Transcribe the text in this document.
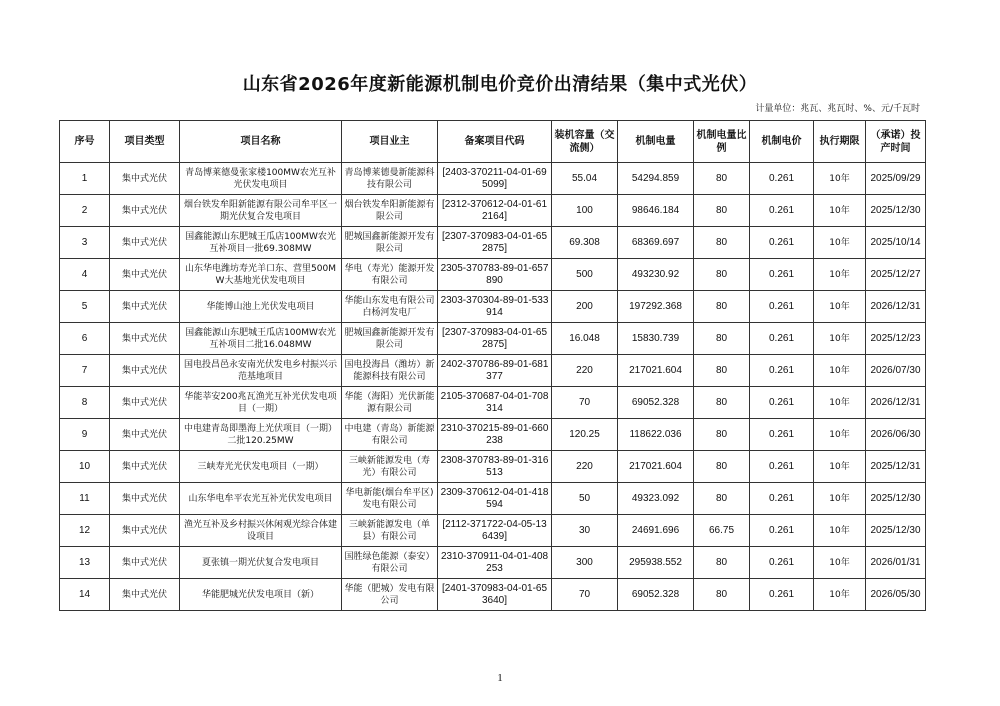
山东省2026年度新能源机制电价竞价出清结果（集中式光伏）
计量单位：兆瓦、兆瓦时、%、元/千瓦时
序号	项目类型	项目名称	项目业主	备案项目代码	装机容量（交流侧）	机制电量	机制电量比例	机制电价	执行期限	（承诺）投产时间
1	集中式光伏	青岛博莱德曼张家楼100MW农光互补光伏发电项目	青岛博莱德曼新能源科技有限公司	[2403-370211-04-01-695099]	55.04	54294.859	80	0.261	10年	2025/09/29
2	集中式光伏	烟台铁发牟阳新能源有限公司牟平区一期光伏复合发电项目	烟台铁发牟阳新能源有限公司	[2312-370612-04-01-612164]	100	98646.184	80	0.261	10年	2025/12/30
3	集中式光伏	国鑫能源山东肥城王瓜店100MW农光互补项目一批69.308MW	肥城国鑫新能源开发有限公司	[2307-370983-04-01-652875]	69.308	68369.697	80	0.261	10年	2025/10/14
4	集中式光伏	山东华电潍坊寿光羊口东、营里500MW大基地光伏发电项目	华电（寿光）能源开发有限公司	2305-370783-89-01-657890	500	493230.92	80	0.261	10年	2025/12/27
5	集中式光伏	华能博山池上光伏发电项目	华能山东发电有限公司白杨河发电厂	2303-370304-89-01-533914	200	197292.368	80	0.261	10年	2026/12/31
6	集中式光伏	国鑫能源山东肥城王瓜店100MW农光互补项目二批16.048MW	肥城国鑫新能源开发有限公司	[2307-370983-04-01-652875]	16.048	15830.739	80	0.261	10年	2025/12/23
7	集中式光伏	国电投昌邑永安南光伏发电乡村振兴示范基地项目	国电投海昌（潍坊）新能源科技有限公司	2402-370786-89-01-681377	220	217021.604	80	0.261	10年	2026/07/30
8	集中式光伏	华能莘安200兆瓦渔光互补光伏发电项目（一期）	华能（海阳）光伏新能源有限公司	2105-370687-04-01-708314	70	69052.328	80	0.261	10年	2026/12/31
9	集中式光伏	中电建青岛即墨海上光伏项目（一期）二批120.25MW	中电建（青岛）新能源有限公司	2310-370215-89-01-660238	120.25	118622.036	80	0.261	10年	2026/06/30
10	集中式光伏	三峡寿光光伏发电项目（一期）	三峡新能源发电（寿光）有限公司	2308-370783-89-01-316513	220	217021.604	80	0.261	10年	2025/12/31
11	集中式光伏	山东华电牟平农光互补光伏发电项目	华电新能(烟台牟平区)发电有限公司	2309-370612-04-01-418594	50	49323.092	80	0.261	10年	2025/12/30
12	集中式光伏	渔光互补及乡村振兴休闲观光综合体建设项目	三峡新能源发电（单县）有限公司	[2112-371722-04-05-136439]	30	24691.696	66.75	0.261	10年	2025/12/30
13	集中式光伏	夏张镇一期光伏复合发电项目	国胜绿色能源（泰安）有限公司	2310-370911-04-01-408253	300	295938.552	80	0.261	10年	2026/01/31
14	集中式光伏	华能肥城光伏发电项目（新）	华能（肥城）发电有限公司	[2401-370983-04-01-653640]	70	69052.328	80	0.261	10年	2026/05/30
1
